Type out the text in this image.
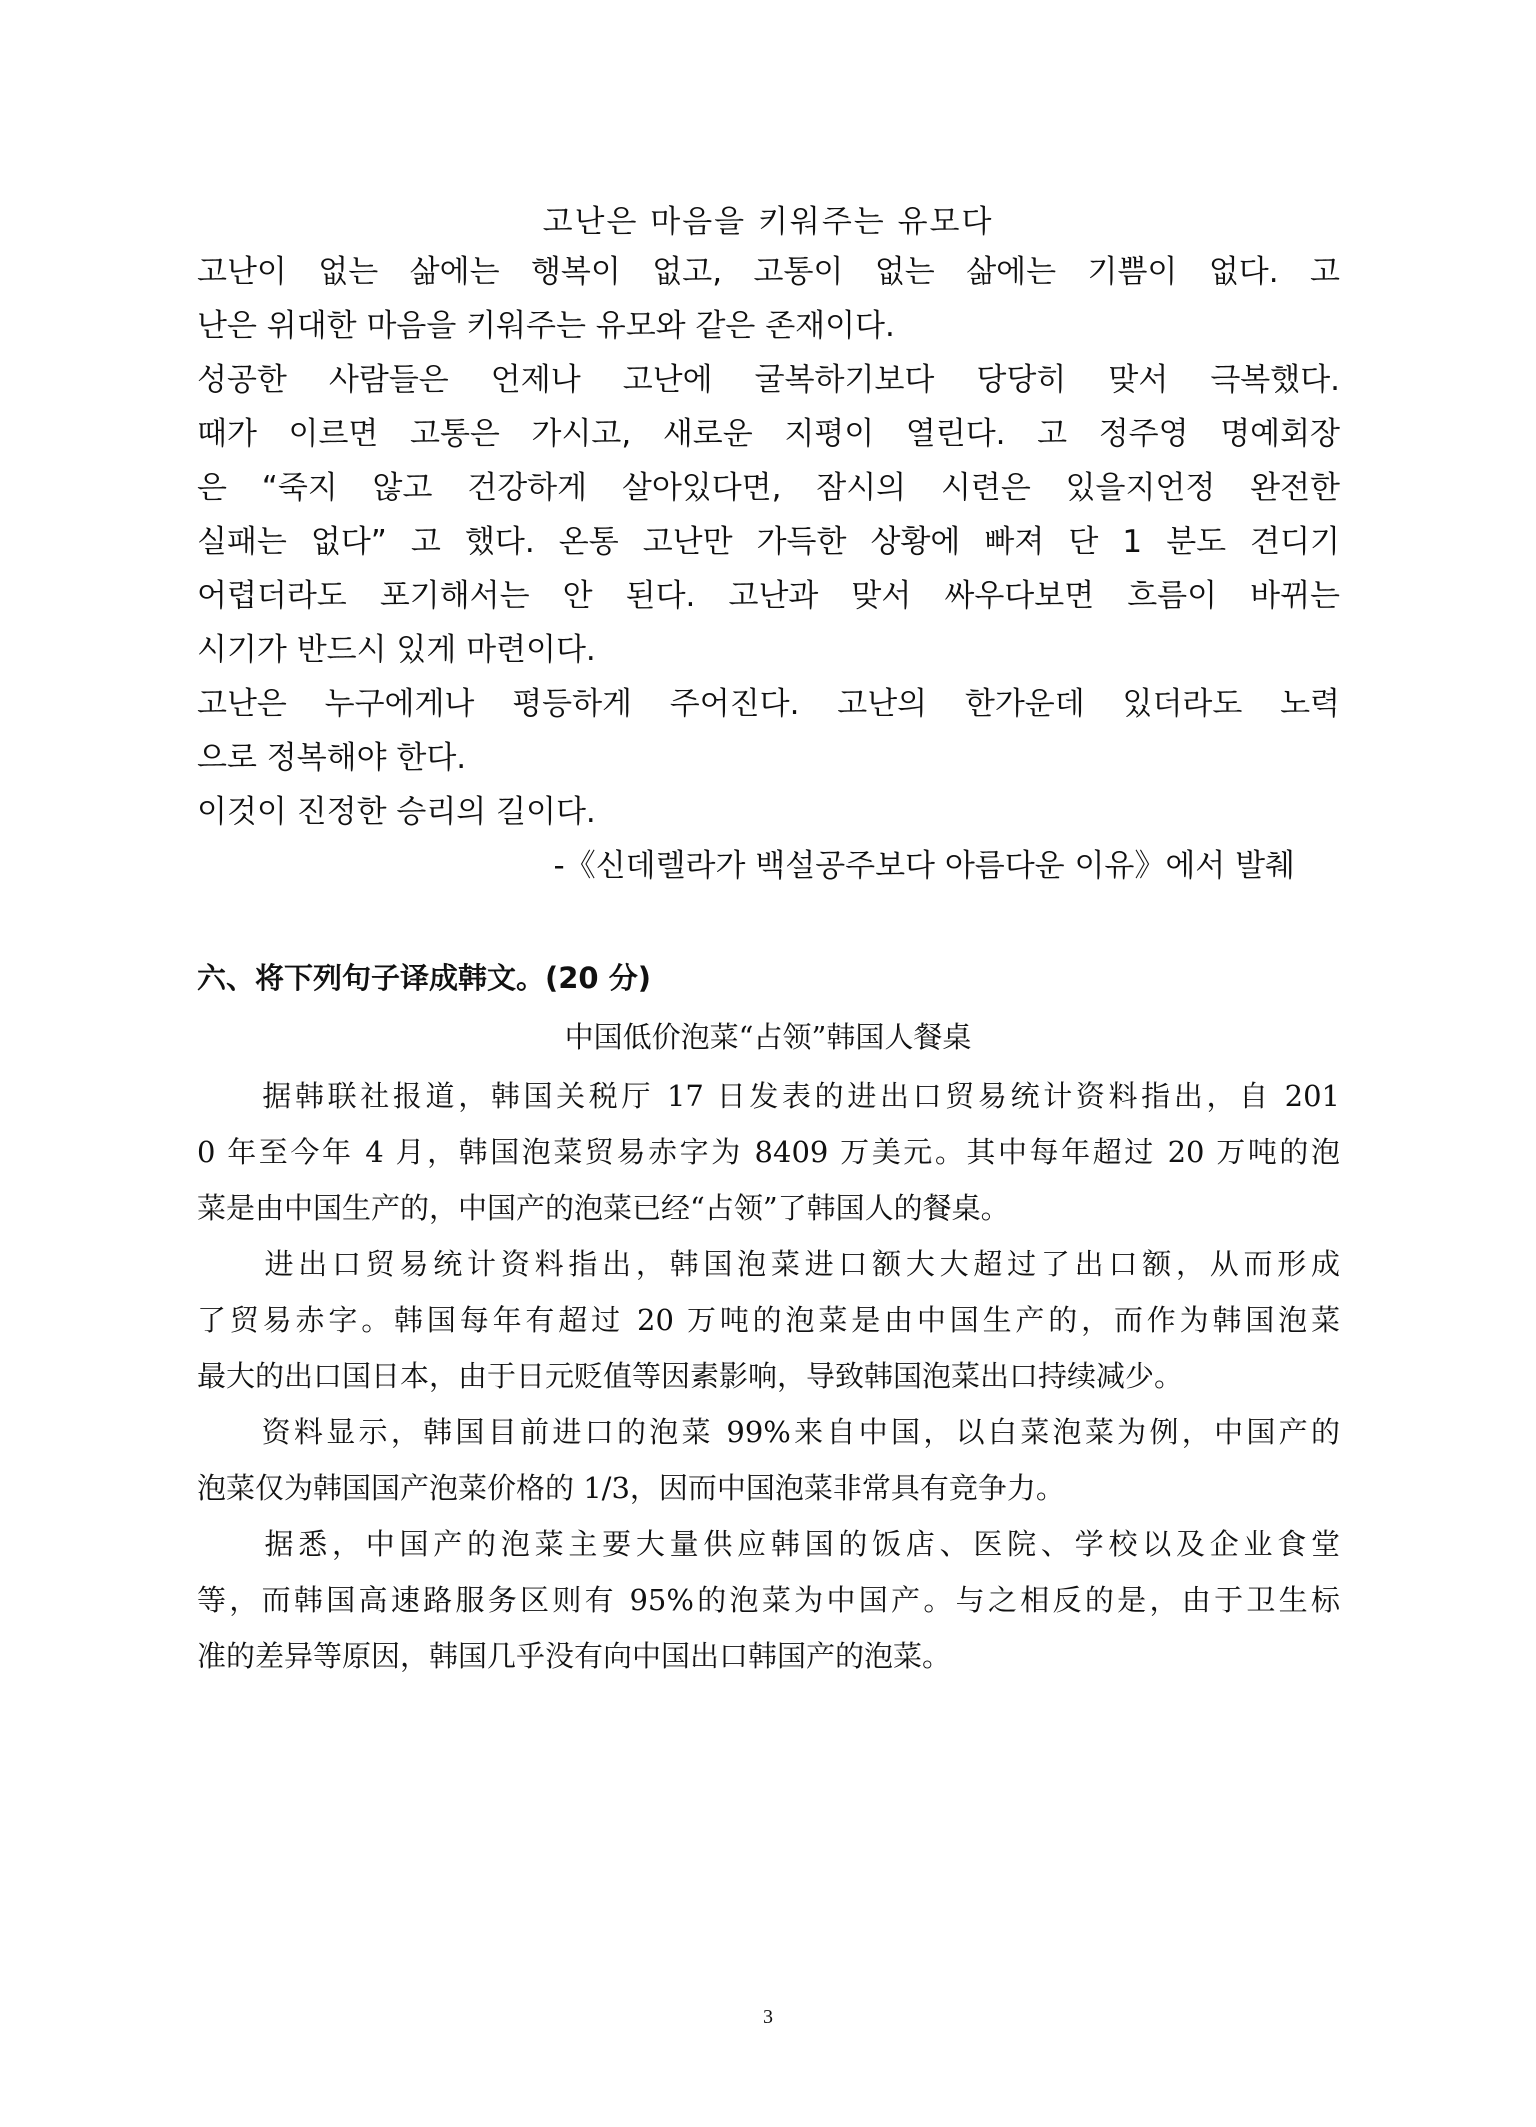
고난은 마음을 키워주는 유모다
고난이 없는 삶에는 행복이 없고, 고통이 없는 삶에는 기쁨이 없다. 고
난은 위대한 마음을 키워주는 유모와 같은 존재이다.
성공한 사람들은 언제나 고난에 굴복하기보다 당당히 맞서 극복했다.
때가 이르면 고통은 가시고, 새로운 지평이 열린다. 고 정주영 명예회장
은 “죽지 않고 건강하게 살아있다면, 잠시의 시련은 있을지언정 완전한
실패는 없다” 고 했다. 온통 고난만 가득한 상황에 빠져 단 1 분도 견디기
어렵더라도 포기해서는 안 된다. 고난과 맞서 싸우다보면 흐름이 바뀌는
시기가 반드시 있게 마련이다.
고난은 누구에게나 평등하게 주어진다. 고난의 한가운데 있더라도 노력
으로 정복해야 한다.
이것이 진정한 승리의 길이다.
-《신데렐라가 백설공주보다 아름다운 이유》에서 발췌
六、将下列句子译成韩文。(20 分)
中国低价泡菜“占领”韩国人餐桌
　　据韩联社报道，韩国关税厅 17 日发表的进出口贸易统计资料指出，自 201
0 年至今年 4 月，韩国泡菜贸易赤字为 8409 万美元。其中每年超过 20 万吨的泡
菜是由中国生产的，中国产的泡菜已经“占领”了韩国人的餐桌。
　　进出口贸易统计资料指出，韩国泡菜进口额大大超过了出口额，从而形成
了贸易赤字。韩国每年有超过 20 万吨的泡菜是由中国生产的，而作为韩国泡菜
最大的出口国日本，由于日元贬值等因素影响，导致韩国泡菜出口持续减少。
　　资料显示，韩国目前进口的泡菜 99%来自中国，以白菜泡菜为例，中国产的
泡菜仅为韩国国产泡菜价格的 1/3，因而中国泡菜非常具有竞争力。
　　据悉，中国产的泡菜主要大量供应韩国的饭店、医院、学校以及企业食堂
等，而韩国高速路服务区则有 95%的泡菜为中国产。与之相反的是，由于卫生标
准的差异等原因，韩国几乎没有向中国出口韩国产的泡菜。
3
